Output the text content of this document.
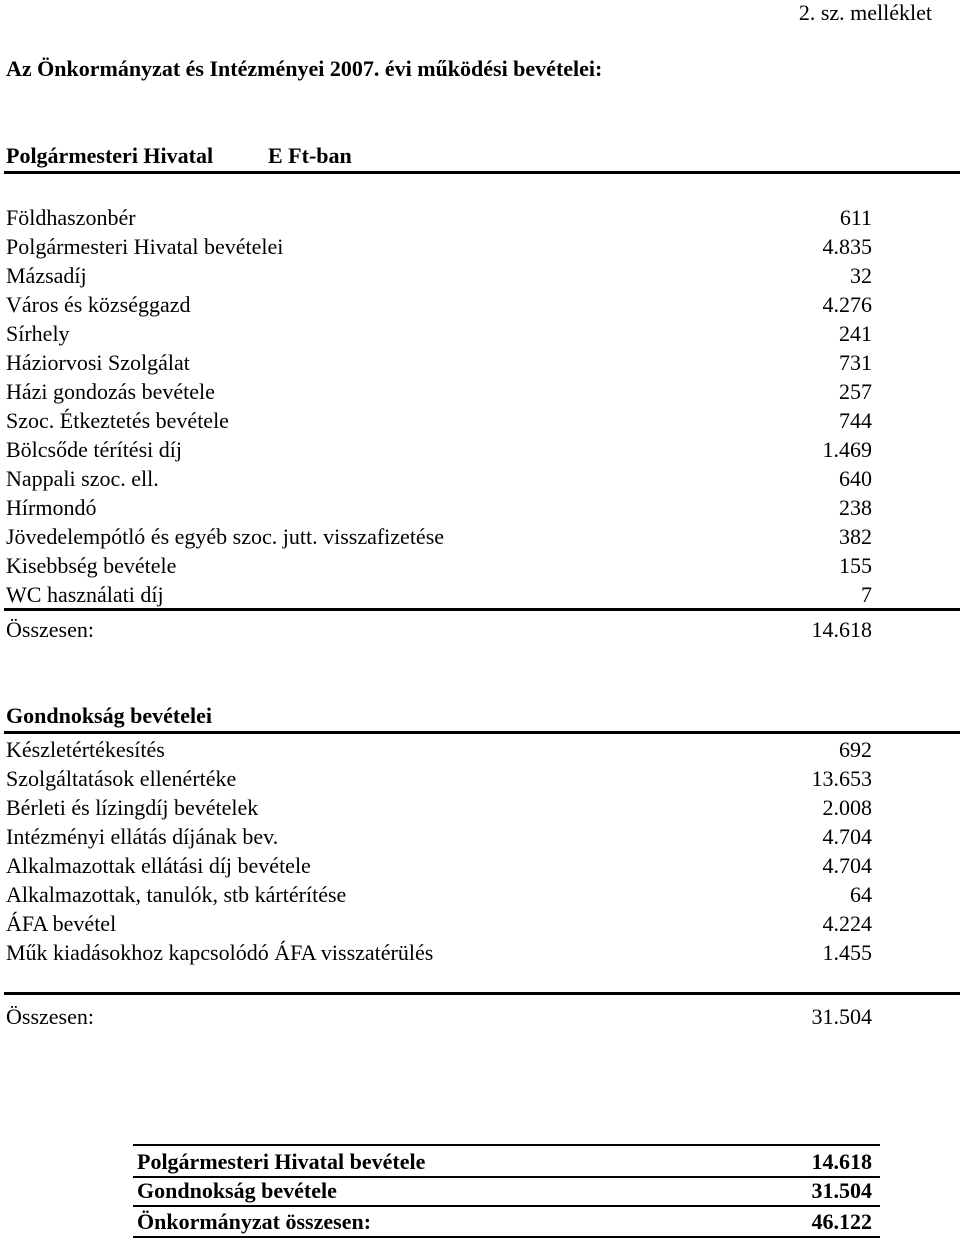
2. sz. melléklet
Az Önkormányzat és Intézményei 2007. évi működési bevételei:
Polgármesteri Hivatal E Ft-ban
Földhaszonbér	611
Polgármesteri Hivatal bevételei	4.835
Mázsadíj	32
Város és községgazd	4.276
Sírhely	241
Háziorvosi Szolgálat	731
Házi gondozás bevétele	257
Szoc. Étkeztetés bevétele	744
Bölcsőde térítési díj	1.469
Nappali szoc. ell.	640
Hírmondó	238
Jövedelempótló és egyéb szoc. jutt. visszafizetése	382
Kisebbség bevétele	155
WC használati díj	7
Összesen:	14.618
Gondnokság bevételei
Készletértékesítés	692
Szolgáltatások ellenértéke	13.653
Bérleti és lízingdíj bevételek	2.008
Intézményi ellátás díjának bev.	4.704
Alkalmazottak ellátási díj bevétele	4.704
Alkalmazottak, tanulók, stb kártérítése	64
ÁFA bevétel	4.224
Műk kiadásokhoz kapcsolódó ÁFA visszatérülés	1.455
Összesen:	31.504
Polgármesteri Hivatal bevétele	14.618
Gondnokság bevétele	31.504
Önkormányzat összesen:	46.122
